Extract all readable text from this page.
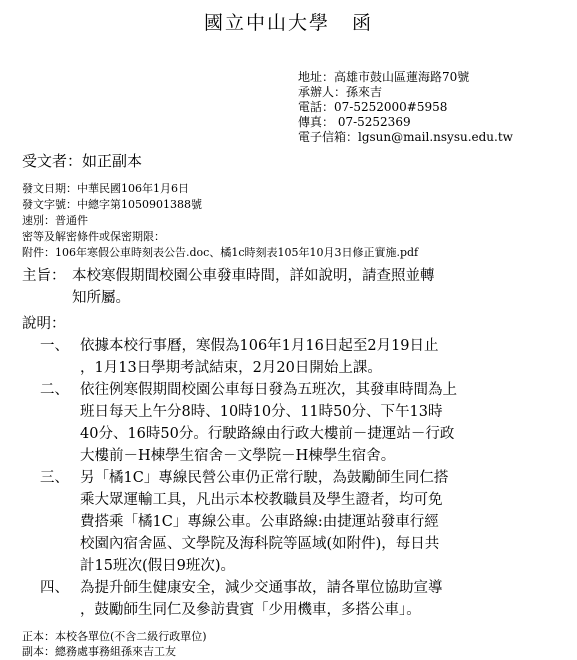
國立中山大學 函
地址：高雄市鼓山區蓮海路70號
承辦人：孫來吉
電話：07-5252000#5958
傳真： 07-5252369
電子信箱：lgsun@mail.nsysu.edu.tw
受文者：如正副本
發文日期：中華民國106年1月6日
發文字號：中總字第1050901388號
速別：普通件
密等及解密條件或保密期限：
附件：106年寒假公車時刻表公告.doc、橘1c時刻表105年10月3日修正實施.pdf
主旨： 本校寒假期間校園公車發車時間，詳如說明，請查照並轉
知所屬。
說明：
一、 依據本校行事曆，寒假為106年1月16日起至2月19日止
，1月13日學期考試結束，2月20日開始上課。
二、 依往例寒假期間校園公車每日發為五班次，其發車時間為上
班日每天上午分8時、10時10分、11時50分、下午13時
40分、16時50分。行駛路線由行政大樓前－捷運站－行政
大樓前－H棟學生宿舍－文學院－H棟學生宿舍。
三、 另「橘1C」專線民營公車仍正常行駛，為鼓勵師生同仁搭
乘大眾運輸工具，凡出示本校教職員及學生證者，均可免
費搭乘「橘1C」專線公車。公車路線:由捷運站發車行經
校園內宿舍區、文學院及海科院等區域(如附件)，每日共
計15班次(假日9班次)。
四、 為提升師生健康安全，減少交通事故，請各單位協助宣導
，鼓勵師生同仁及參訪貴賓「少用機車，多搭公車」。
正本：本校各單位(不含二級行政單位)
副本：總務處事務組孫來吉工友
